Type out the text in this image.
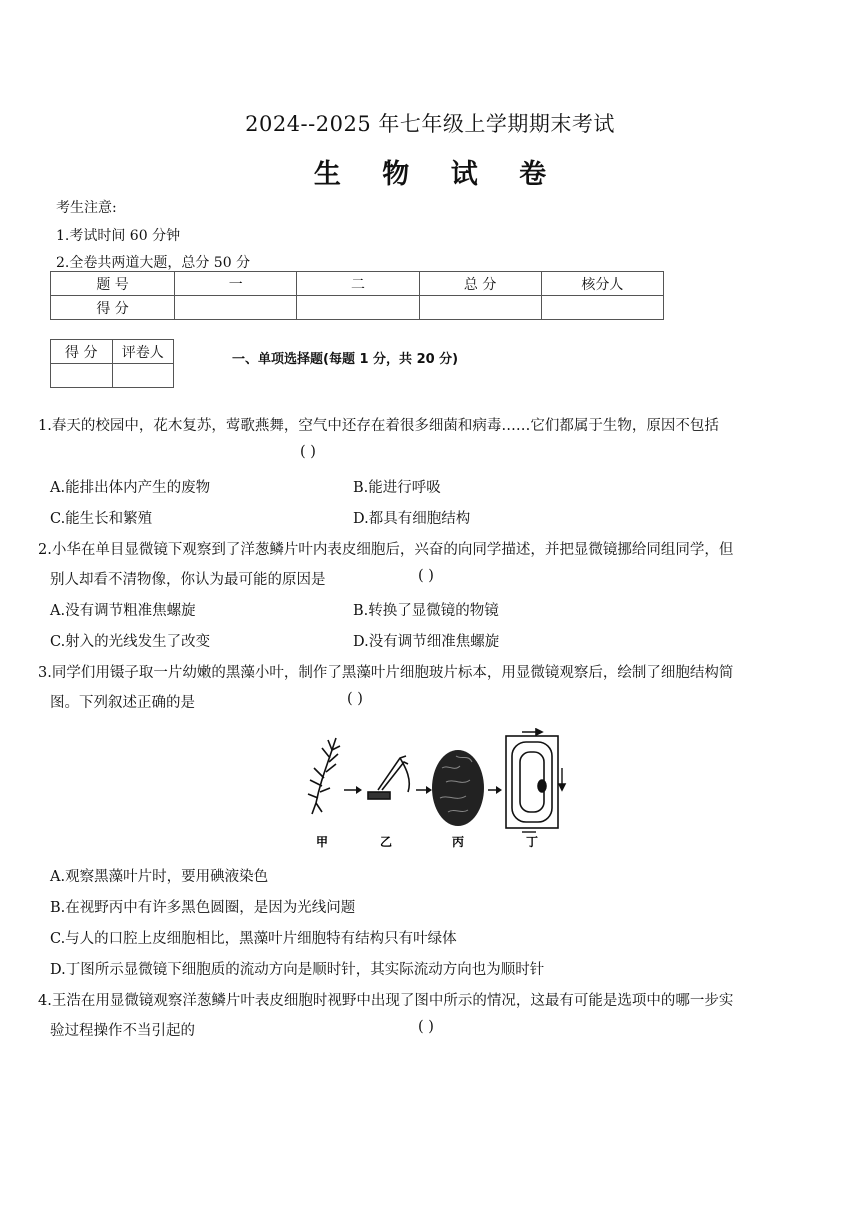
2024--2025 年七年级上学期期末考试
生 物 试 卷
考生注意:
1.考试时间 60 分钟
2.全卷共两道大题，总分 50 分
题 号	一	二	总 分	核分人
得 分				
得 分	评卷人
		一、单项选择题(每题 1 分，共 20 分)
1.春天的校园中，花木复苏，莺歌燕舞，空气中还存在着很多细菌和病毒……它们都属于生物，原因不包括
( )
A.能排出体内产生的废物	B.能进行呼吸
C.能生长和繁殖	D.都具有细胞结构
2.小华在单目显微镜下观察到了洋葱鳞片叶内表皮细胞后，兴奋的向同学描述，并把显微镜挪给同组同学，但
别人却看不清物像，你认为最可能的原因是	( )
A.没有调节粗准焦螺旋	B.转换了显微镜的物镜
C.射入的光线发生了改变	D.没有调节细准焦螺旋
3.同学们用镊子取一片幼嫩的黑藻小叶，制作了黑藻叶片细胞玻片标本，用显微镜观察后，绘制了细胞结构简
图。下列叙述正确的是	( )
甲	乙	丙	丁
A.观察黑藻叶片时，要用碘液染色
B.在视野丙中有许多黑色圆圈，是因为光线问题
C.与人的口腔上皮细胞相比，黑藻叶片细胞特有结构只有叶绿体
D.丁图所示显微镜下细胞质的流动方向是顺时针，其实际流动方向也为顺时针
4.王浩在用显微镜观察洋葱鳞片叶表皮细胞时视野中出现了图中所示的情况，这最有可能是选项中的哪一步实
验过程操作不当引起的	( )
